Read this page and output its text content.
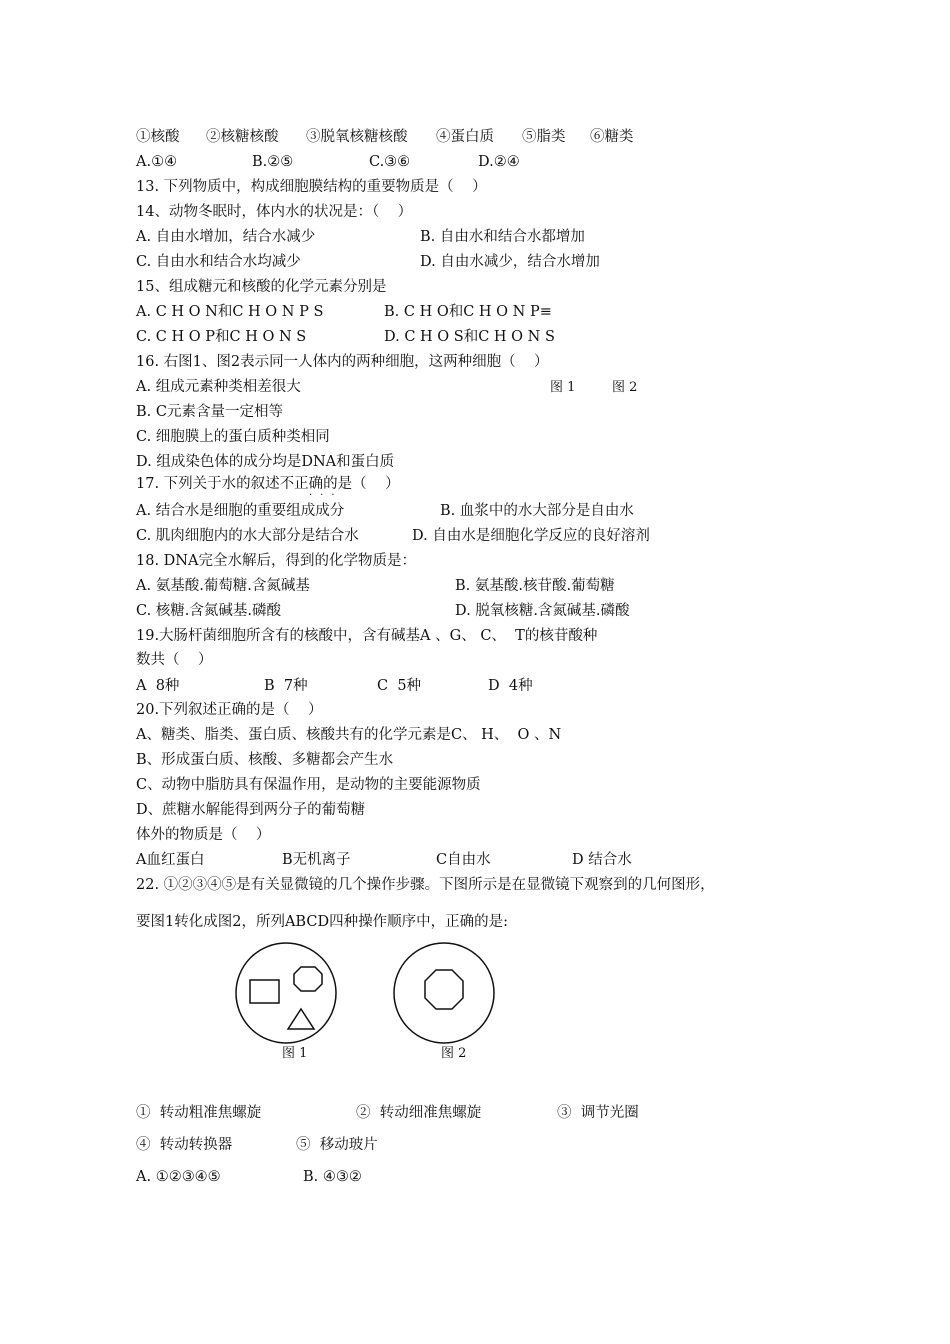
①核酸 ②核糖核酸 ③脱氧核糖核酸 ④蛋白质 ⑤脂类 ⑥糖类
A.①④	B.②⑤	C.③⑥	D.②④
13. 下列物质中，构成细胞膜结构的重要物质是（    ）
14、动物冬眠时，体内水的状况是：（    ）
A. 自由水增加，结合水减少	B. 自由水和结合水都增加
C. 自由水和结合水均减少	D. 自由水减少，结合水增加
15、组成糖元和核酸的化学元素分别是
A. C H O N和C H O N P S	B. C H O和C H O N P≡
C. C H O P和C H O N S	D. C H O S和C H O N S
16. 右图1、图2表示同一人体内的两种细胞，这两种细胞（    ）
A. 组成元素种类相差很大	图 1	图 2
B. C元素含量一定相等
C. 细胞膜上的蛋白质种类相同
D. 组成染色体的成分均是DNA和蛋白质
17. 下列关于水的叙述不正确的是（    ）
···
A. 结合水是细胞的重要组成成分	B. 血浆中的水大部分是自由水
C. 肌肉细胞内的水大部分是结合水	D. 自由水是细胞化学反应的良好溶剂
18. DNA完全水解后，得到的化学物质是：
A. 氨基酸.葡萄糖.含氮碱基	B. 氨基酸.核苷酸.葡萄糖
C. 核糖.含氮碱基.磷酸	D. 脱氧核糖.含氮碱基.磷酸
19.大肠杆菌细胞所含有的核酸中，含有碱基A 、G、 C、  T的核苷酸种
数共（    ）
A  8种	B  7种	C  5种	D  4种
20.下列叙述正确的是（    ）
A、糖类、脂类、蛋白质、核酸共有的化学元素是C、 H、  O 、N
B、形成蛋白质、核酸、多糖都会产生水
C、动物中脂肪具有保温作用，是动物的主要能源物质
D、蔗糖水解能得到两分子的葡萄糖
体外的物质是（    ）
A血红蛋白	B无机离子	C自由水	D 结合水
22. ①②③④⑤是有关显微镜的几个操作步骤。下图所示是在显微镜下观察到的几何图形，
要图1转化成图2，所列ABCD四种操作顺序中，正确的是:
图 1	图 2
①  转动粗准焦螺旋	②  转动细准焦螺旋	③  调节光圈
④  转动转换器	⑤  移动玻片
A. ①②③④⑤	B. ④③②
